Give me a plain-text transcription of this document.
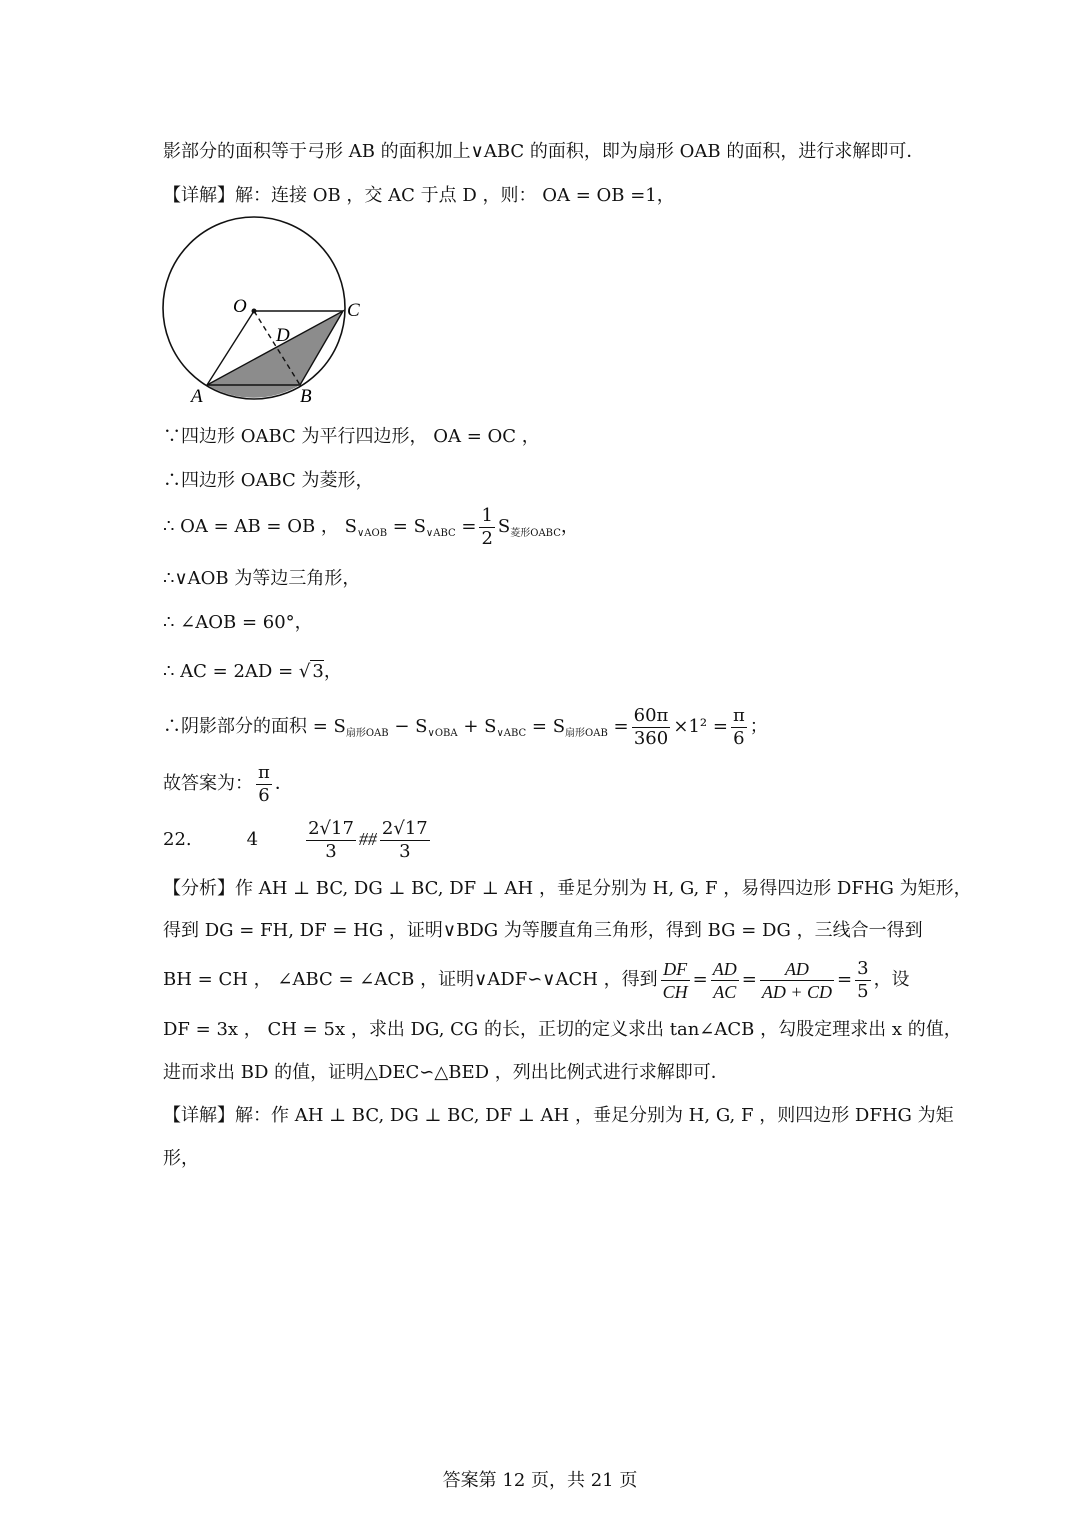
影部分的面积等于弓形 AB 的面积加上∨ABC 的面积，即为扇形 OAB 的面积，进行求解即可．
【详解】解：连接 OB ，交 AC 于点 D ，则： OA = OB =1，
O	C
D
A	B
∵四边形 OABC 为平行四边形， OA = OC ，
∴四边形 OABC 为菱形，
∴ OA = AB = OB ， $S_{\vee AOB} = S_{\vee ABC} = \frac{1}{2} S_{菱形OABC}$，
∴∨AOB 为等边三角形，
∴ ∠AOB = 60°，
∴ AC = 2AD = √ 3，
∴阴影部分的面积 = $S_{扇形OAB} - S_{\vee OBA} + S_{\vee ABC} = S_{扇形OAB} = \frac{60\pi}{360} \times 1^2 = \frac{\pi}{6}$ ；
故答案为： $\frac{\pi}{6}$ ．
22.	4	$\frac{2√17}{3}$ ## $\frac{2√17}{3}$
【分析】作 AH ⊥ BC, DG ⊥ BC, DF ⊥ AH ，垂足分别为 H, G, F ，易得四边形 DFHG 为矩形，
得到 DG = FH, DF = HG ，证明∨BDG 为等腰直角三角形，得到 BG = DG ，三线合一得到
BH = CH ， ∠ABC = ∠ACB ，证明∨ADF∽∨ACH ，得到 $\frac{DF}{CH} = \frac{AD}{AC} = \frac{AD}{AD + CD} = \frac{3}{5}$ ，设
DF = 3x ， CH = 5x ，求出 DG, CG 的长，正切的定义求出 tan∠ACB ，勾股定理求出 x 的值，
进而求出 BD 的值，证明△DEC∽△BED ，列出比例式进行求解即可．
【详解】解：作 AH ⊥ BC, DG ⊥ BC, DF ⊥ AH ，垂足分别为 H, G, F ，则四边形 DFHG 为矩
形，
答案第 12 页，共 21 页
